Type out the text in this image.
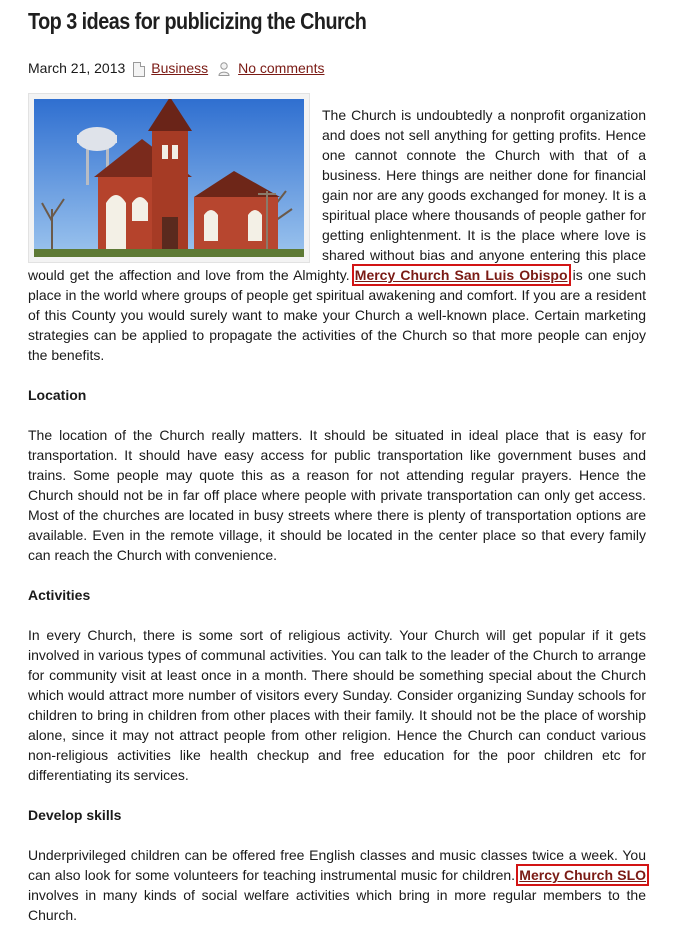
Top 3 ideas for publicizing the Church
March 21, 2013 Business No comments

The Church is undoubtedly a nonprofit organization and does not sell anything for getting profits. Hence one cannot connote the Church with that of a business. Here things are neither done for financial gain nor are any goods exchanged for money. It is a spiritual place where thousands of people gather for getting enlightenment. It is the place where love is shared without bias and anyone entering this place would get the affection and love from the Almighty. Mercy Church San Luis Obispo is one such place in the world where groups of people get spiritual awakening and comfort. If you are a resident of this County you would surely want to make your Church a well-known place. Certain marketing strategies can be applied to propagate the activities of the Church so that more people can enjoy the benefits.

Location

The location of the Church really matters. It should be situated in ideal place that is easy for transportation. It should have easy access for public transportation like government buses and trains. Some people may quote this as a reason for not attending regular prayers. Hence the Church should not be in far off place where people with private transportation can only get access. Most of the churches are located in busy streets where there is plenty of transportation options are available. Even in the remote village, it should be located in the center place so that every family can reach the Church with convenience.

Activities

In every Church, there is some sort of religious activity. Your Church will get popular if it gets involved in various types of communal activities. You can talk to the leader of the Church to arrange for community visit at least once in a month. There should be something special about the Church which would attract more number of visitors every Sunday. Consider organizing Sunday schools for children to bring in children from other places with their family. It should not be the place of worship alone, since it may not attract people from other religion. Hence the Church can conduct various non-religious activities like health checkup and free education for the poor children etc for differentiating its services.

Develop skills

Underprivileged children can be offered free English classes and music classes twice a week. You can also look for some volunteers for teaching instrumental music for children. Mercy Church SLO involves in many kinds of social welfare activities which bring in more regular members to the Church.
